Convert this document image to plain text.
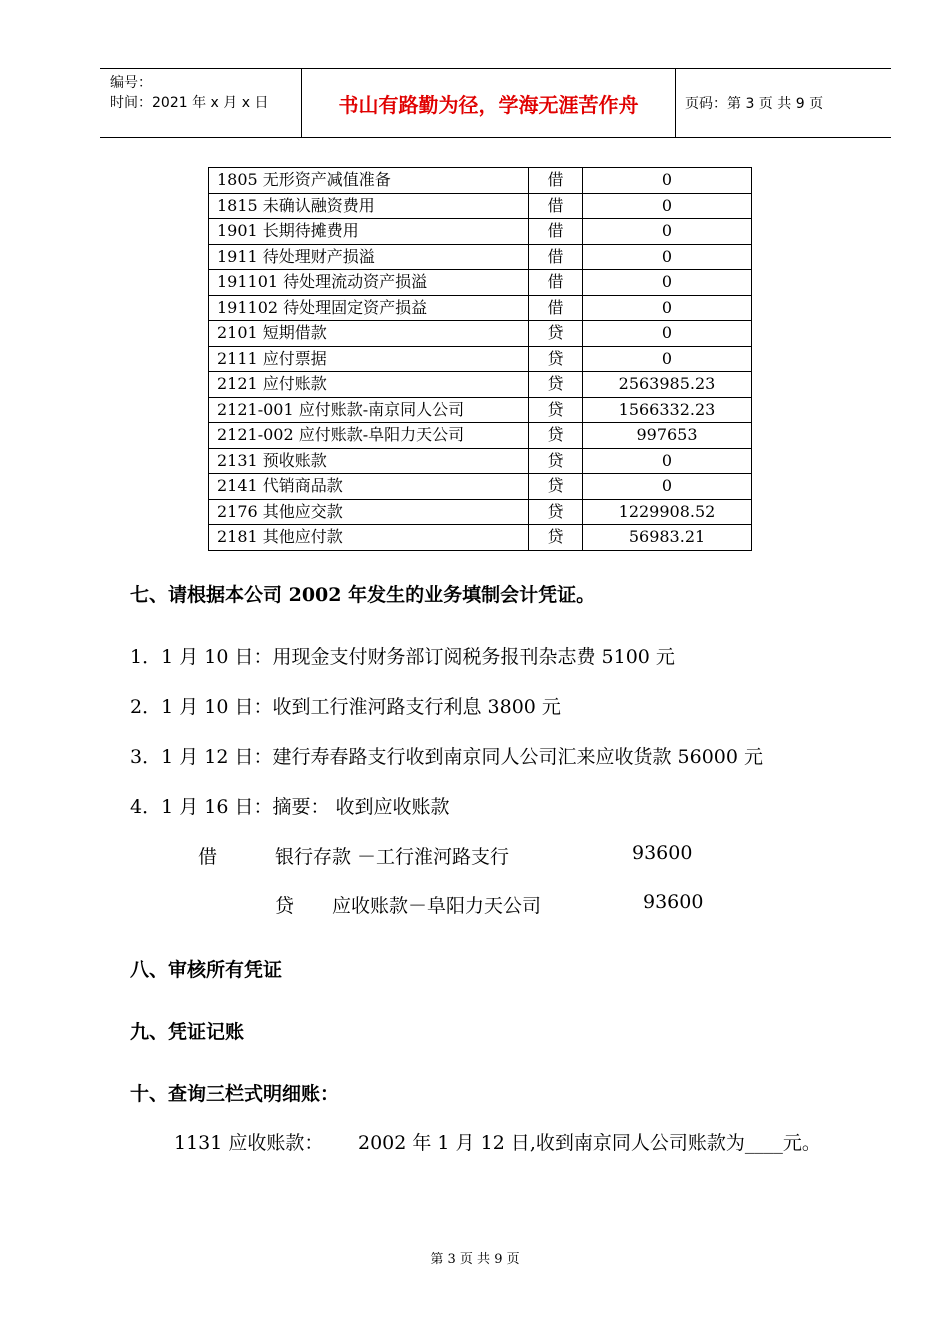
编号：
时间：2021 年 x 月 x 日	书山有路勤为径，学海无涯苦作舟	页码：第 3 页 共 9 页
1805 无形资产减值准备	借	0
1815 未确认融资费用	借	0
1901 长期待摊费用	借	0
1911 待处理财产损溢	借	0
191101 待处理流动资产损溢	借	0
191102 待处理固定资产损益	借	0
2101 短期借款	贷	0
2111 应付票据	贷	0
2121 应付账款	贷	2563985.23
2121-001 应付账款-南京同人公司	贷	1566332.23
2121-002 应付账款-阜阳力天公司	贷	997653
2131 预收账款	贷	0
2141 代销商品款	贷	0
2176 其他应交款	贷	1229908.52
2181 其他应付款	贷	56983.21
七、请根据本公司 2002 年发生的业务填制会计凭证。
1．1 月 10 日：用现金支付财务部订阅税务报刊杂志费 5100 元
2．1 月 10 日：收到工行淮河路支行利息 3800 元
3．1 月 12 日：建行寿春路支行收到南京同人公司汇来应收货款 56000 元
4．1 月 16 日：摘要： 收到应收账款
借	银行存款 －工行淮河路支行	93600
贷 应收账款－阜阳力天公司	93600
八、审核所有凭证
九、凭证记账
十、查询三栏式明细账：
1131 应收账款： 2002 年 1 月 12 日,收到南京同人公司账款为____元。
第 3 页 共 9 页
